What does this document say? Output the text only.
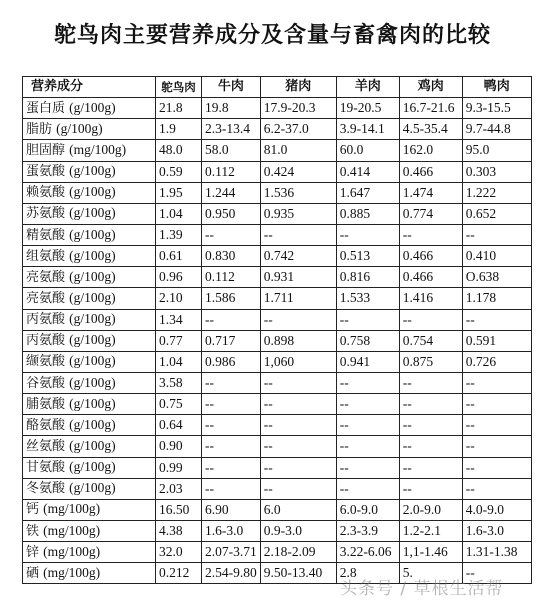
鸵鸟肉主要营养成分及含量与畜禽肉的比较
营养成分	鸵鸟肉	牛肉	猪肉	羊肉	鸡肉	鸭肉
蛋白质 (g/100g)	21.8	19.8	17.9-20.3	19-20.5	16.7-21.6	9.3-15.5
脂肪 (g/100g)	1.9	2.3-13.4	6.2-37.0	3.9-14.1	4.5-35.4	9.7-44.8
胆固醇 (mg/100g)	48.0	58.0	81.0	60.0	162.0	95.0
蛋氨酸 (g/100g)	0.59	0.112	0.424	0.414	0.466	0.303
赖氨酸 (g/100g)	1.95	1.244	1.536	1.647	1.474	1.222
苏氨酸 (g/100g)	1.04	0.950	0.935	0.885	0.774	0.652
精氨酸 (g/100g)	1.39	--	--	--	--	--
组氨酸 (g/100g)	0.61	0.830	0.742	0.513	0.466	0.410
亮氨酸 (g/100g)	0.96	0.112	0.931	0.816	0.466	O.638
亮氨酸 (g/100g)	2.10	1.586	1.711	1.533	1.416	1.178
丙氨酸 (g/100g)	1.34	--	--	--	--	--
丙氨酸 (g/100g)	0.77	0.717	0.898	0.758	0.754	0.591
缬氨酸 (g/100g)	1.04	0.986	1,060	0.941	0.875	0.726
谷氨酸 (g/100g)	3.58	--	--	--	--	--
脯氨酸 (g/100g)	0.75	--	--	--	--	--
酪氨酸 (g/100g)	0.64	--	--	--	--	--
丝氨酸 (g/100g)	0.90	--	--	--	--	--
甘氨酸 (g/100g)	0.99	--	--	--	--	--
冬氨酸 (g/100g)	2.03	--	--	--	--	--
钙 (mg/100g)	16.50	6.90	6.0	6.0-9.0	2.0-9.0	4.0-9.0
铁 (mg/100g)	4.38	1.6-3.0	0.9-3.0	2.3-3.9	1.2-2.1	1.6-3.0
锌 (mg/100g)	32.0	2.07-3.71	2.18-2.09	3.22-6.06	1,1-1.46	1.31-1.38
硒 (mg/100g)	0.212	2.54-9.80	9.50-13.40	2.8	5.	--
头条号 / 草根生活帮
